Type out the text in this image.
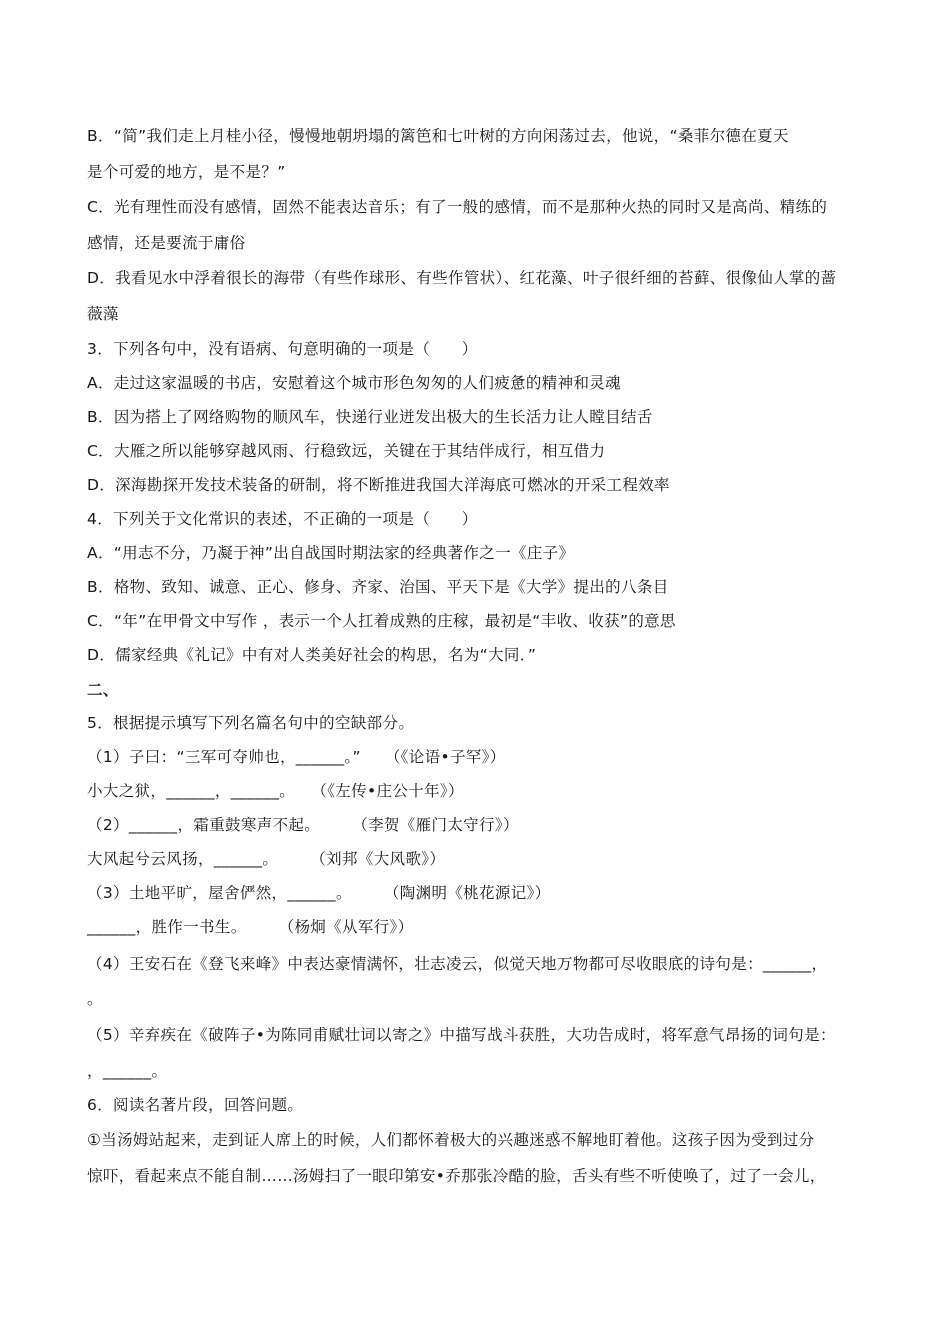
B．“简”我们走上月桂小径，慢慢地朝坍塌的篱笆和七叶树的方向闲荡过去，他说，“桑菲尔德在夏天
是个可爱的地方，是不是？”
C．光有理性而没有感情，固然不能表达音乐；有了一般的感情，而不是那种火热的同时又是高尚、精练的
感情，还是要流于庸俗
D．我看见水中浮着很长的海带（有些作球形、有些作管状）、红花藻、叶子很纤细的苔藓、很像仙人掌的蔷
薇藻
3．下列各句中，没有语病、句意明确的一项是（　　）
A．走过这家温暖的书店，安慰着这个城市形色匆匆的人们疲惫的精神和灵魂
B．因为搭上了网络购物的顺风车，快递行业迸发出极大的生长活力让人瞠目结舌
C．大雁之所以能够穿越风雨、行稳致远，关键在于其结伴成行，相互借力
D．深海勘探开发技术装备的研制，将不断推进我国大洋海底可燃冰的开采工程效率
4．下列关于文化常识的表述，不正确的一项是（　　）
A．“用志不分，乃凝于神”出自战国时期法家的经典著作之一《庄子》
B．格物、致知、诚意、正心、修身、齐家、治国、平天下是《大学》提出的八条目
C．“年”在甲骨文中写作 ，表示一个人扛着成熟的庄稼，最初是“丰收、收获”的意思
D．儒家经典《礼记》中有对人类美好社会的构思，名为“大同．”
二、
5．根据提示填写下列名篇名句中的空缺部分。
（1）子曰：“三军可夺帅也，______。”　　（《论语•子罕》）
小大之狱，______，______。　　（《左传•庄公十年》）
（2）______，霜重鼓寒声不起。　　　（李贺《雁门太守行》）
大风起兮云风扬，______。　　　（刘邦《大风歌》）
（3）土地平旷，屋舍俨然，______。　　　（陶渊明《桃花源记》）
______，胜作一书生。　　　（杨炯《从军行》）
（4）王安石在《登飞来峰》中表达豪情满怀，壮志凌云，似觉天地万物都可尽收眼底的诗句是：______，
。
（5）辛弃疾在《破阵子•为陈同甫赋壮词以寄之》中描写战斗获胜，大功告成时，将军意气昂扬的词句是：
，______。
6．阅读名著片段，回答问题。
①当汤姆站起来，走到证人席上的时候，人们都怀着极大的兴趣迷惑不解地盯着他。这孩子因为受到过分
惊吓，看起来点不能自制……汤姆扫了一眼印第安•乔那张冷酷的脸，舌头有些不听使唤了，过了一会儿，
